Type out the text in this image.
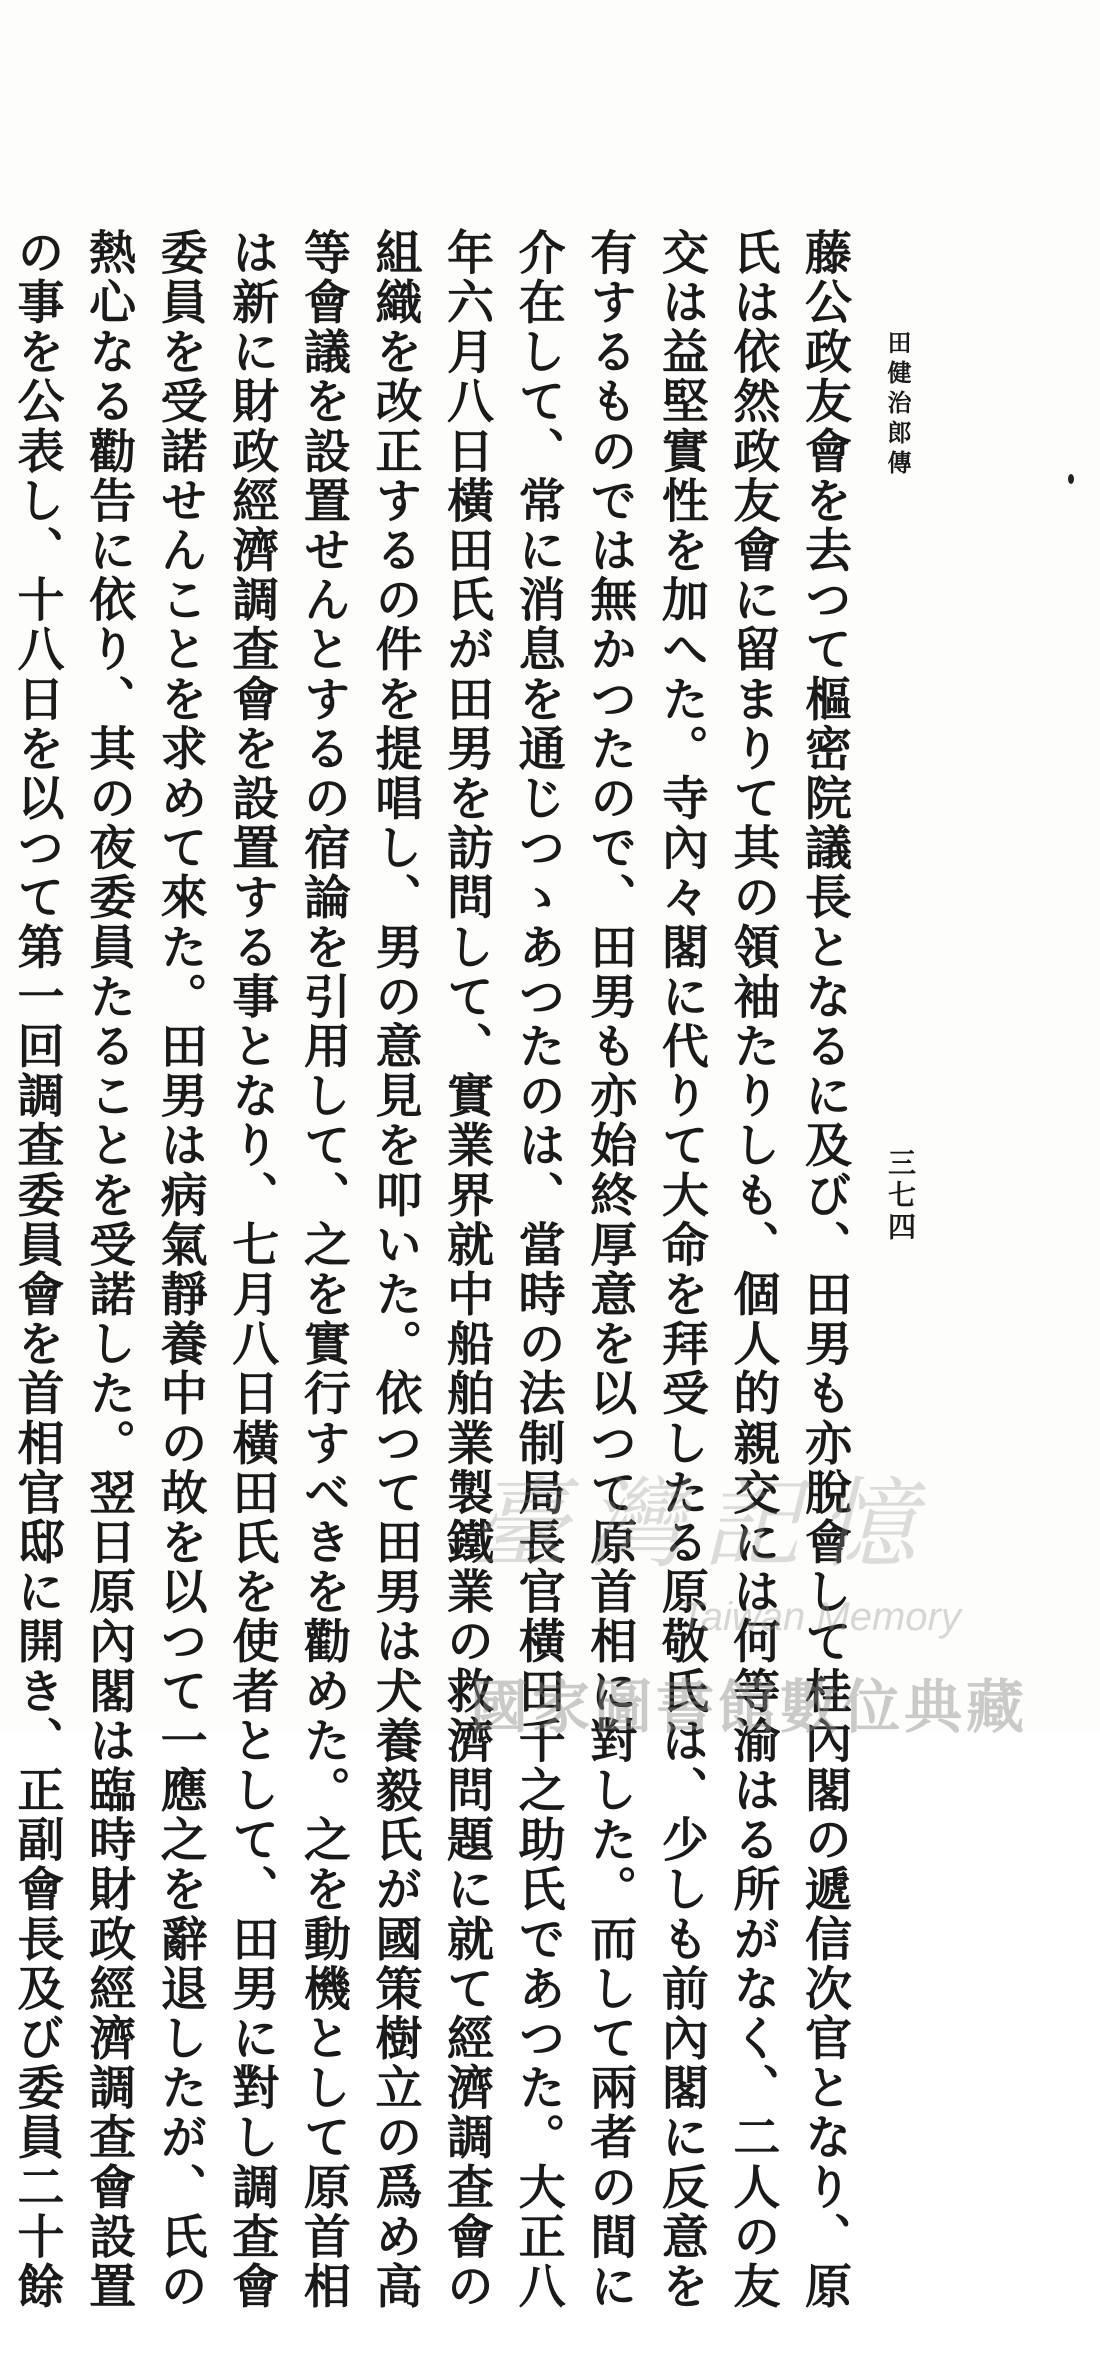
田健治郎傳
三七四
藤公政友會を去つて樞密院議長となるに及び、田男も亦脫會して桂內閣の遞信次官となり、原
氏は依然政友會に留まりて其の領袖たりしも、個人的親交には何等渝はる所がなく、二人の友
交は益堅實性を加へた。寺內々閣に代りて大命を拜受したる原敬氏は、少しも前內閣に反意を
有するものでは無かつたので、田男も亦始終厚意を以つて原首相に對した。而して兩者の間に
介在して、常に消息を通じつゝあつたのは、當時の法制局長官橫田千之助氏であつた。大正八
年六月八日橫田氏が田男を訪問して、實業界就中船舶業製鐵業の救濟問題に就て經濟調查會の
組織を改正するの件を提唱し、男の意見を叩いた。依つて田男は犬養毅氏が國策樹立の爲め高
等會議を設置せんとするの宿論を引用して、之を實行すべきを勸めた。之を動機として原首相
は新に財政經濟調查會を設置する事となり、七月八日橫田氏を使者として、田男に對し調查會
委員を受諾せんことを求めて來た。田男は病氣靜養中の故を以つて一應之を辭退したが、氏の
熱心なる勸告に依り、其の夜委員たることを受諾した。翌日原內閣は臨時財政經濟調查會設置
の事を公表し、十八日を以つて第一回調查委員會を首相官邸に開き、正副會長及び委員二十餘	臺灣記憶
Taiwan Memory
國家圖書館數位典藏
